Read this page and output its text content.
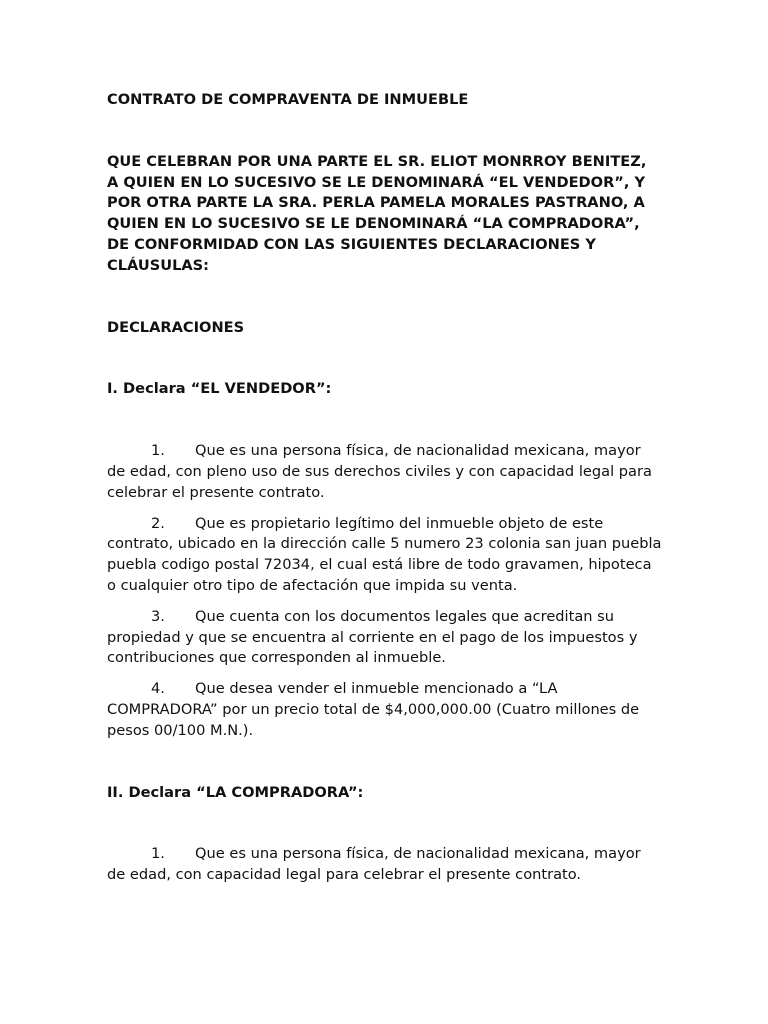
CONTRATO DE COMPRAVENTA DE INMUEBLE

QUE CELEBRAN POR UNA PARTE EL SR. ELIOT MONRROY BENITEZ, A QUIEN EN LO SUCESIVO SE LE DENOMINARÁ “EL VENDEDOR”, Y POR OTRA PARTE LA SRA. PERLA PAMELA MORALES PASTRANO, A QUIEN EN LO SUCESIVO SE LE DENOMINARÁ “LA COMPRADORA”, DE CONFORMIDAD CON LAS SIGUIENTES DECLARACIONES Y CLÁUSULAS:

DECLARACIONES

I. Declara “EL VENDEDOR”:

1. Que es una persona física, de nacionalidad mexicana, mayor de edad, con pleno uso de sus derechos civiles y con capacidad legal para celebrar el presente contrato.

2. Que es propietario legítimo del inmueble objeto de este contrato, ubicado en la dirección calle 5 numero 23 colonia san juan puebla puebla codigo postal 72034, el cual está libre de todo gravamen, hipoteca o cualquier otro tipo de afectación que impida su venta.

3. Que cuenta con los documentos legales que acreditan su propiedad y que se encuentra al corriente en el pago de los impuestos y contribuciones que corresponden al inmueble.

4. Que desea vender el inmueble mencionado a “LA COMPRADORA” por un precio total de $4,000,000.00 (Cuatro millones de pesos 00/100 M.N.).

II. Declara “LA COMPRADORA”:

1. Que es una persona física, de nacionalidad mexicana, mayor de edad, con capacidad legal para celebrar el presente contrato.
